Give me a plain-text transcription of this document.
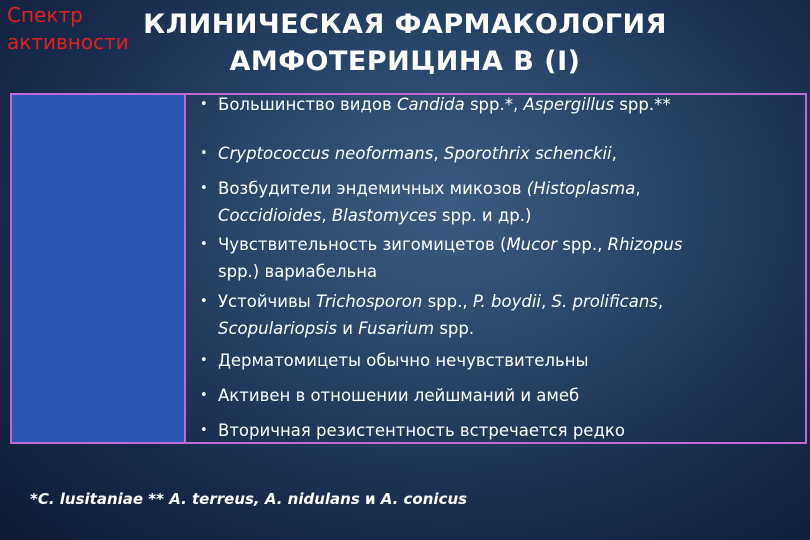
КЛИНИЧЕСКАЯ ФАРМАКОЛОГИЯ
АМФОТЕРИЦИНА В (I)
Спектр
активности
• Большинство видов Candida spp.*, Aspergillus spp.**
• Cryptococcus neoformans, Sporothrix schenckii,
• Возбудители эндемичных микозов (Histoplasma,
Coccidioides, Blastomyces spp. и др.)
• Чувствительность зигомицетов (Mucor spp., Rhizopus
spp.) вариабельна
• Устойчивы Trichosporon spp., P. boydii, S. prolificans,
Scopulariopsis и Fusarium spp.
• Дерматомицеты обычно нечувствительны
• Активен в отношении лейшманий и амеб
• Вторичная резистентность встречается редко
*C. lusitaniae ** A. terreus, A. nidulans и A. conicus
